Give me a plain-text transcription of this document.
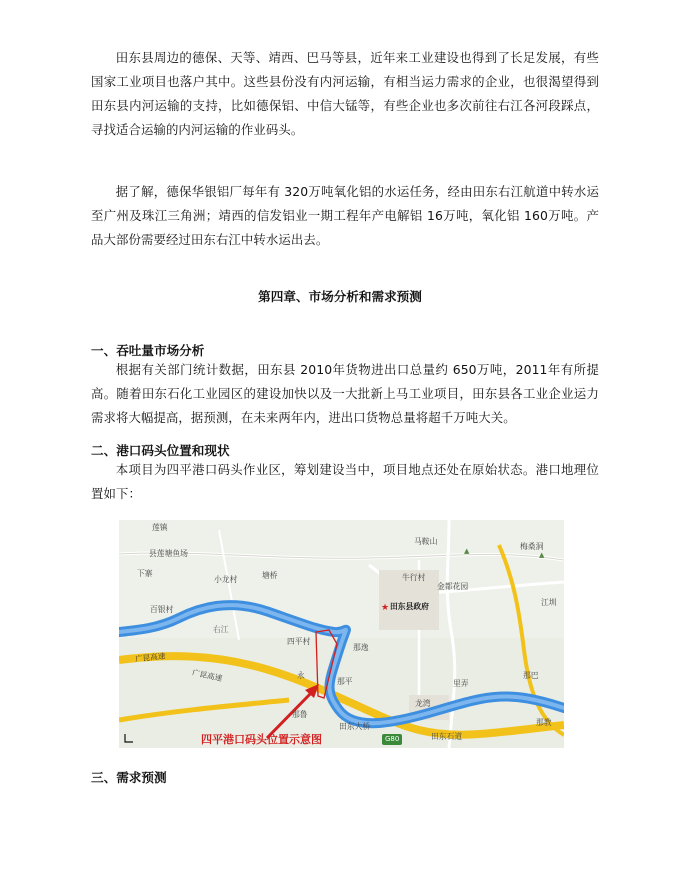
田东县周边的德保、天等、靖西、巴马等县，近年来工业建设也得到了长足发展，有些国家工业项目也落户其中。这些县份没有内河运输，有相当运力需求的企业，也很渴望得到田东县内河运输的支持，比如德保铝、中信大锰等，有些企业也多次前往右江各河段踩点，寻找适合运输的内河运输的作业码头。

据了解，德保华银铝厂每年有 320万吨氧化铝的水运任务，经由田东右江航道中转水运至广州及珠江三角洲；靖西的信发铝业一期工程年产电解铝 16万吨，氧化铝 160万吨。产品大部份需要经过田东右江中转水运出去。

第四章、市场分析和需求预测
一、吞吐量市场分析

根据有关部门统计数据，田东县 2010年货物进出口总量约 650万吨，2011年有所提高。随着田东石化工业园区的建设加快以及一大批新上马工业项目，田东县各工业企业运力需求将大幅提高，据预测，在未来两年内，进出口货物总量将超千万吨大关。

二、港口码头位置和现状

本项目为四平港口码头作业区，筹划建设当中，项目地点还处在原始状态。港口地理位置如下：

★
▲	▲
莲镇
县莲塘鱼场
下寨
小龙村	塘桥
百银村
马鞍山
梅桑洞
牛行村
金都花园
田东县政府	江圳
右江
四平村
那逸
永
那平	里弄
那巴
龙湾
那鲁
田东大桥
田东石道
那教
广昆高速
广昆高速
G80
四平港口码头位置示意图
三、需求预测
